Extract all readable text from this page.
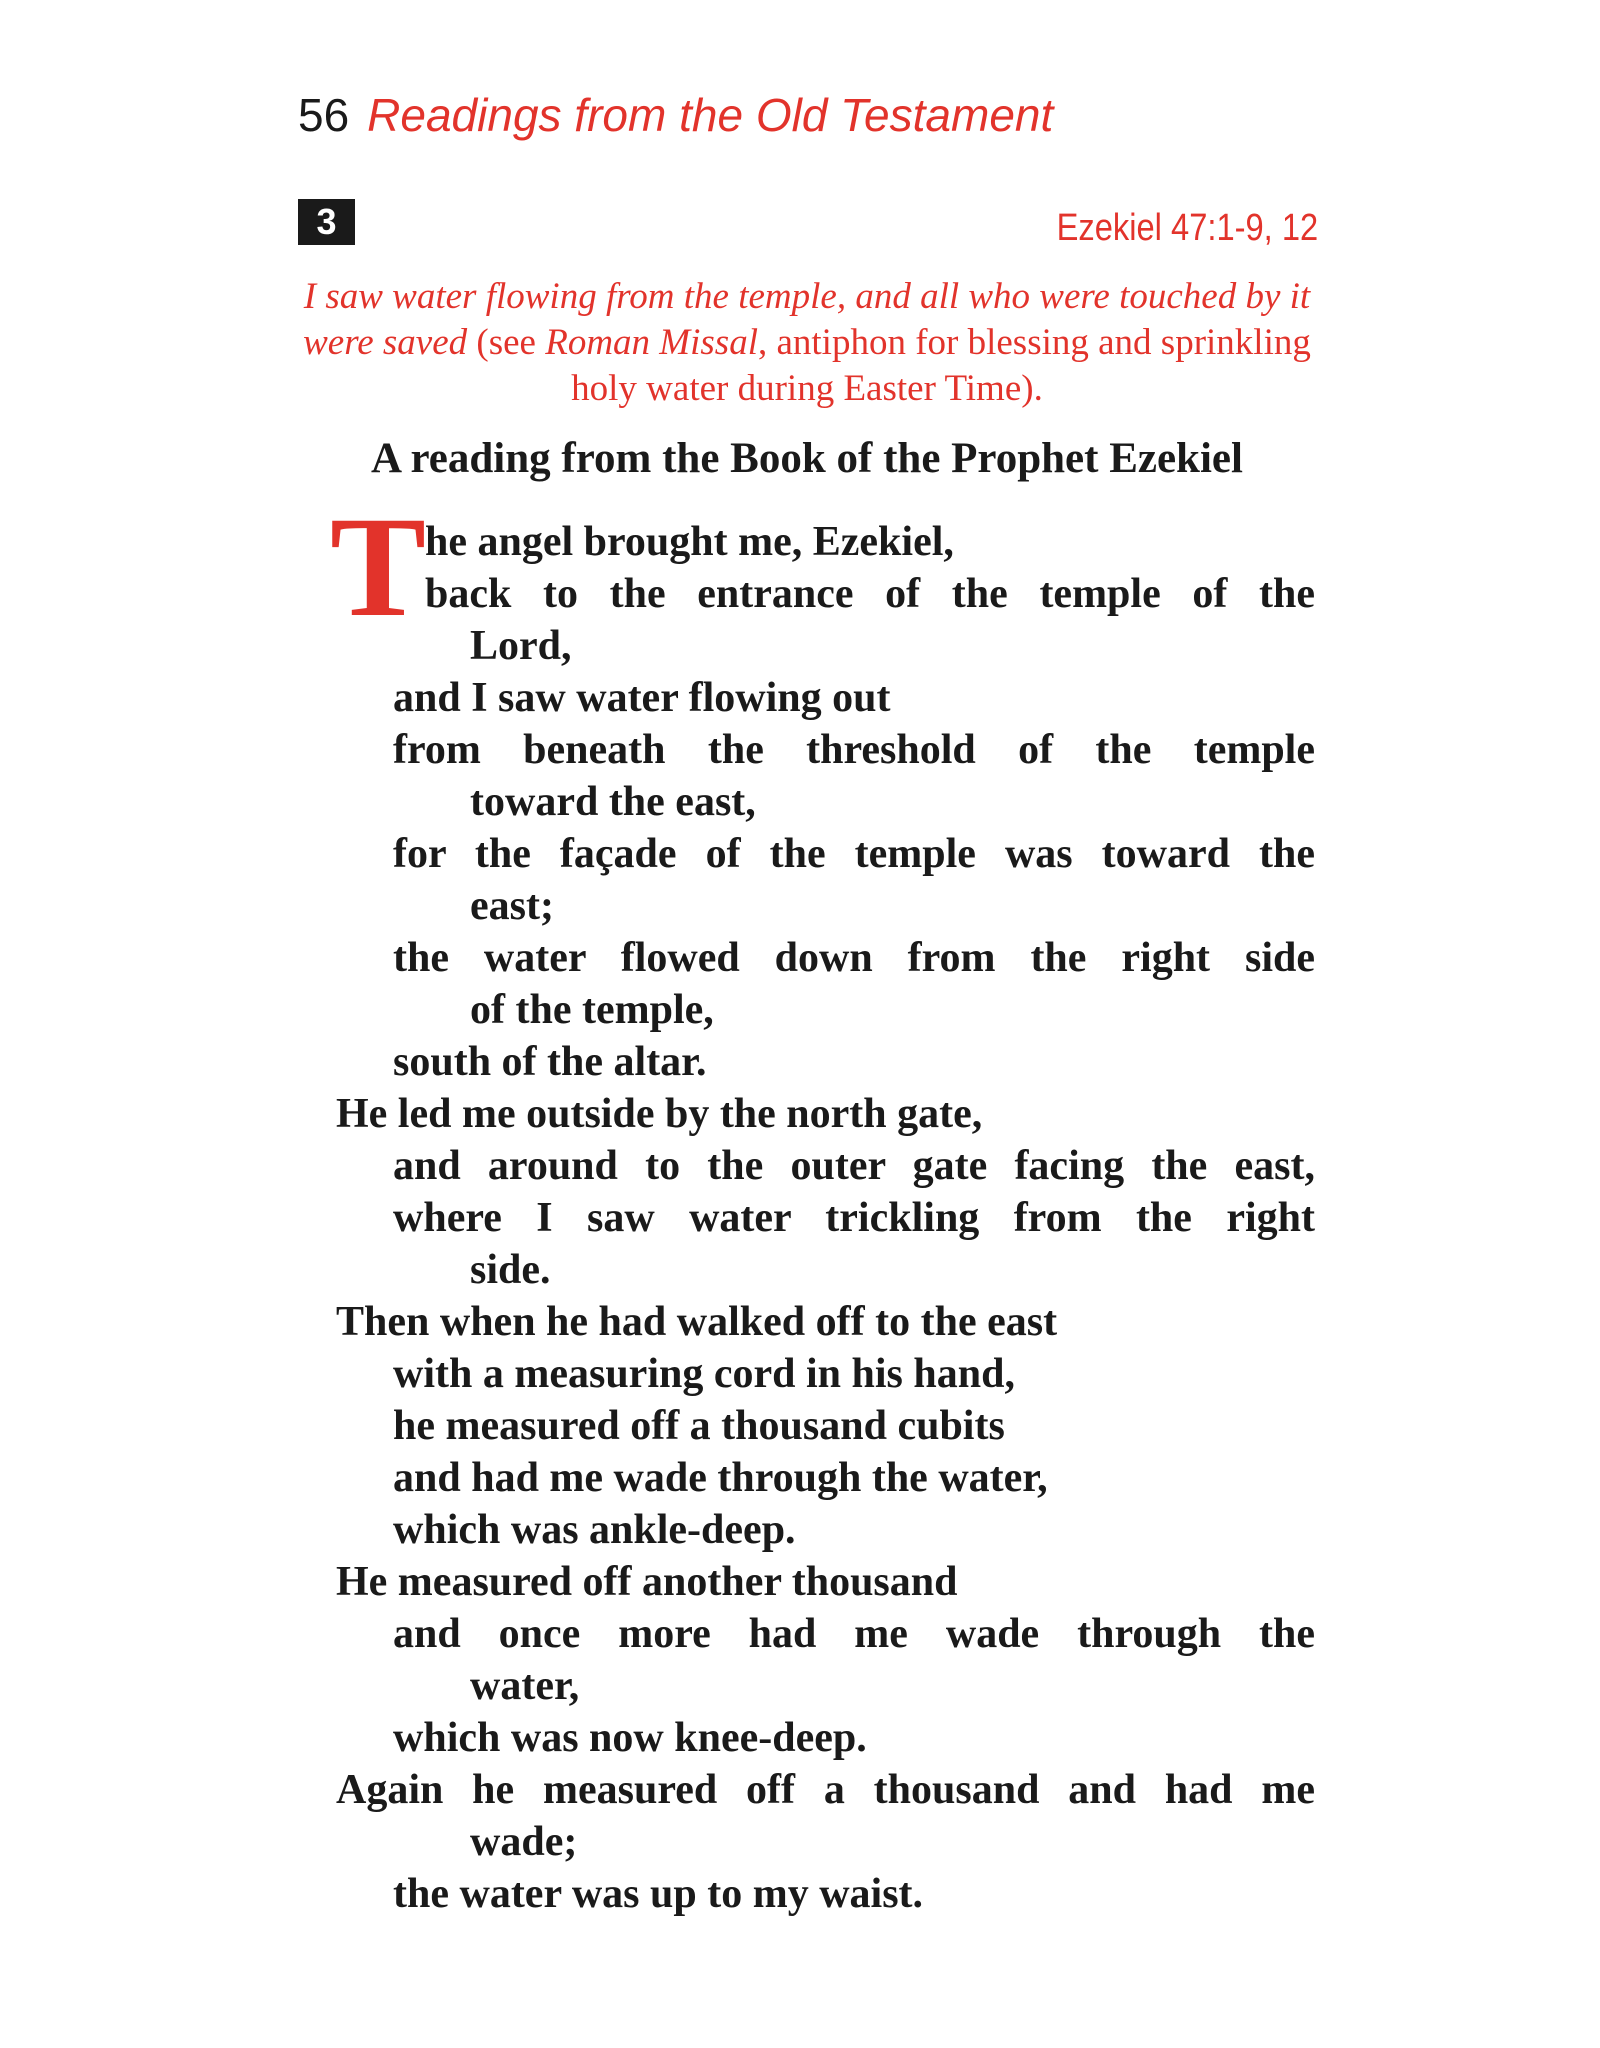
56 Readings from the Old Testament
3	Ezekiel 47:1-9, 12
I saw water flowing from the temple, and all who were touched by it were saved (see Roman Missal, antiphon for blessing and sprinkling holy water during Easter Time).
A reading from the Book of the Prophet Ezekiel
T
he angel brought me, Ezekiel,
back to the entrance of the temple of the
Lord,
and I saw water flowing out
from beneath the threshold of the temple
toward the east,
for the façade of the temple was toward the
east;
the water flowed down from the right side
of the temple,
south of the altar.
He led me outside by the north gate,
and around to the outer gate facing the east,
where I saw water trickling from the right
side.
Then when he had walked off to the east
with a measuring cord in his hand,
he measured off a thousand cubits
and had me wade through the water,
which was ankle-deep.
He measured off another thousand
and once more had me wade through the
water,
which was now knee-deep.
Again he measured off a thousand and had me
wade;
the water was up to my waist.
